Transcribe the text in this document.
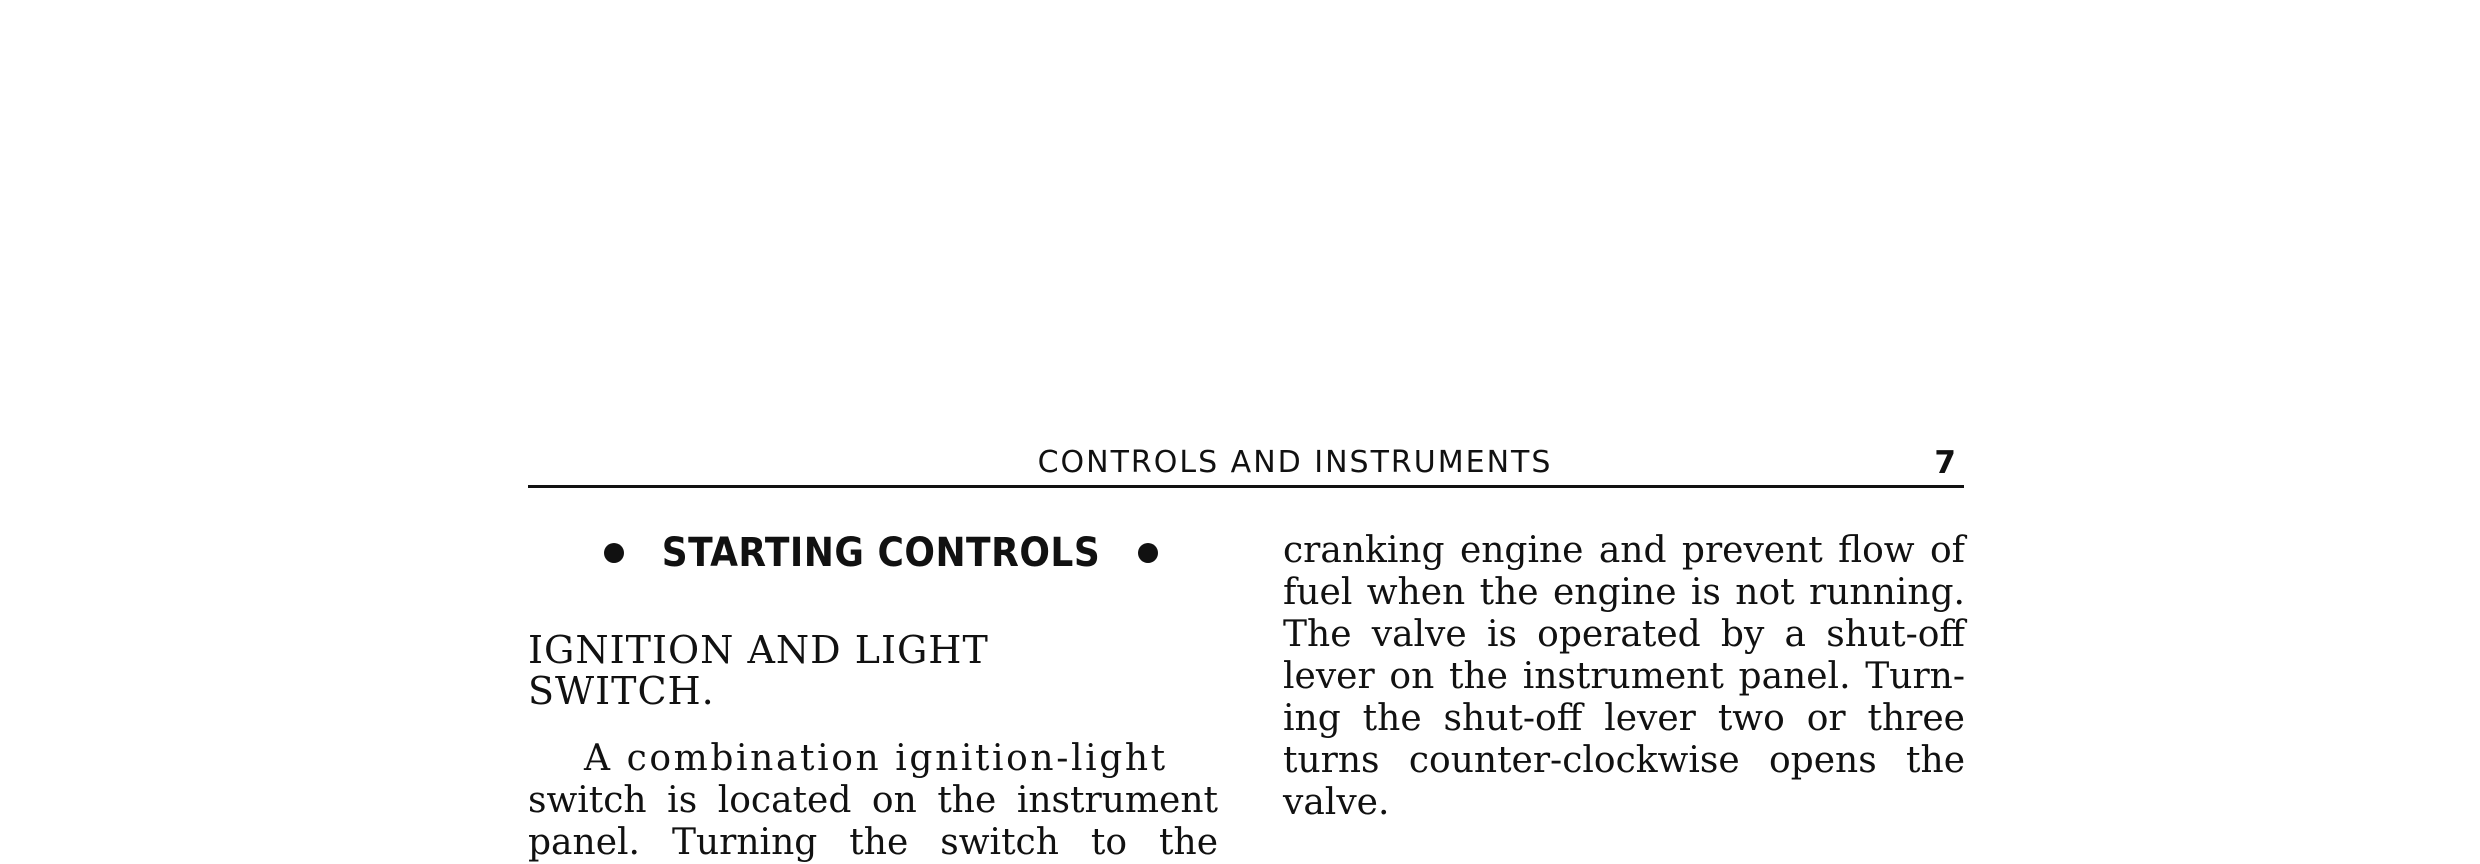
CONTROLS AND INSTRUMENTS	7
STARTING CONTROLS
IGNITION AND LIGHT
SWITCH.
A combination ignition-light
switch is located on the instrument
panel. Turning the switch to the
cranking engine and prevent flow of
fuel when the engine is not running.
The valve is operated by a shut-off
lever on the instrument panel. Turn-
ing the shut-off lever two or three
turns counter-clockwise opens the
valve.
